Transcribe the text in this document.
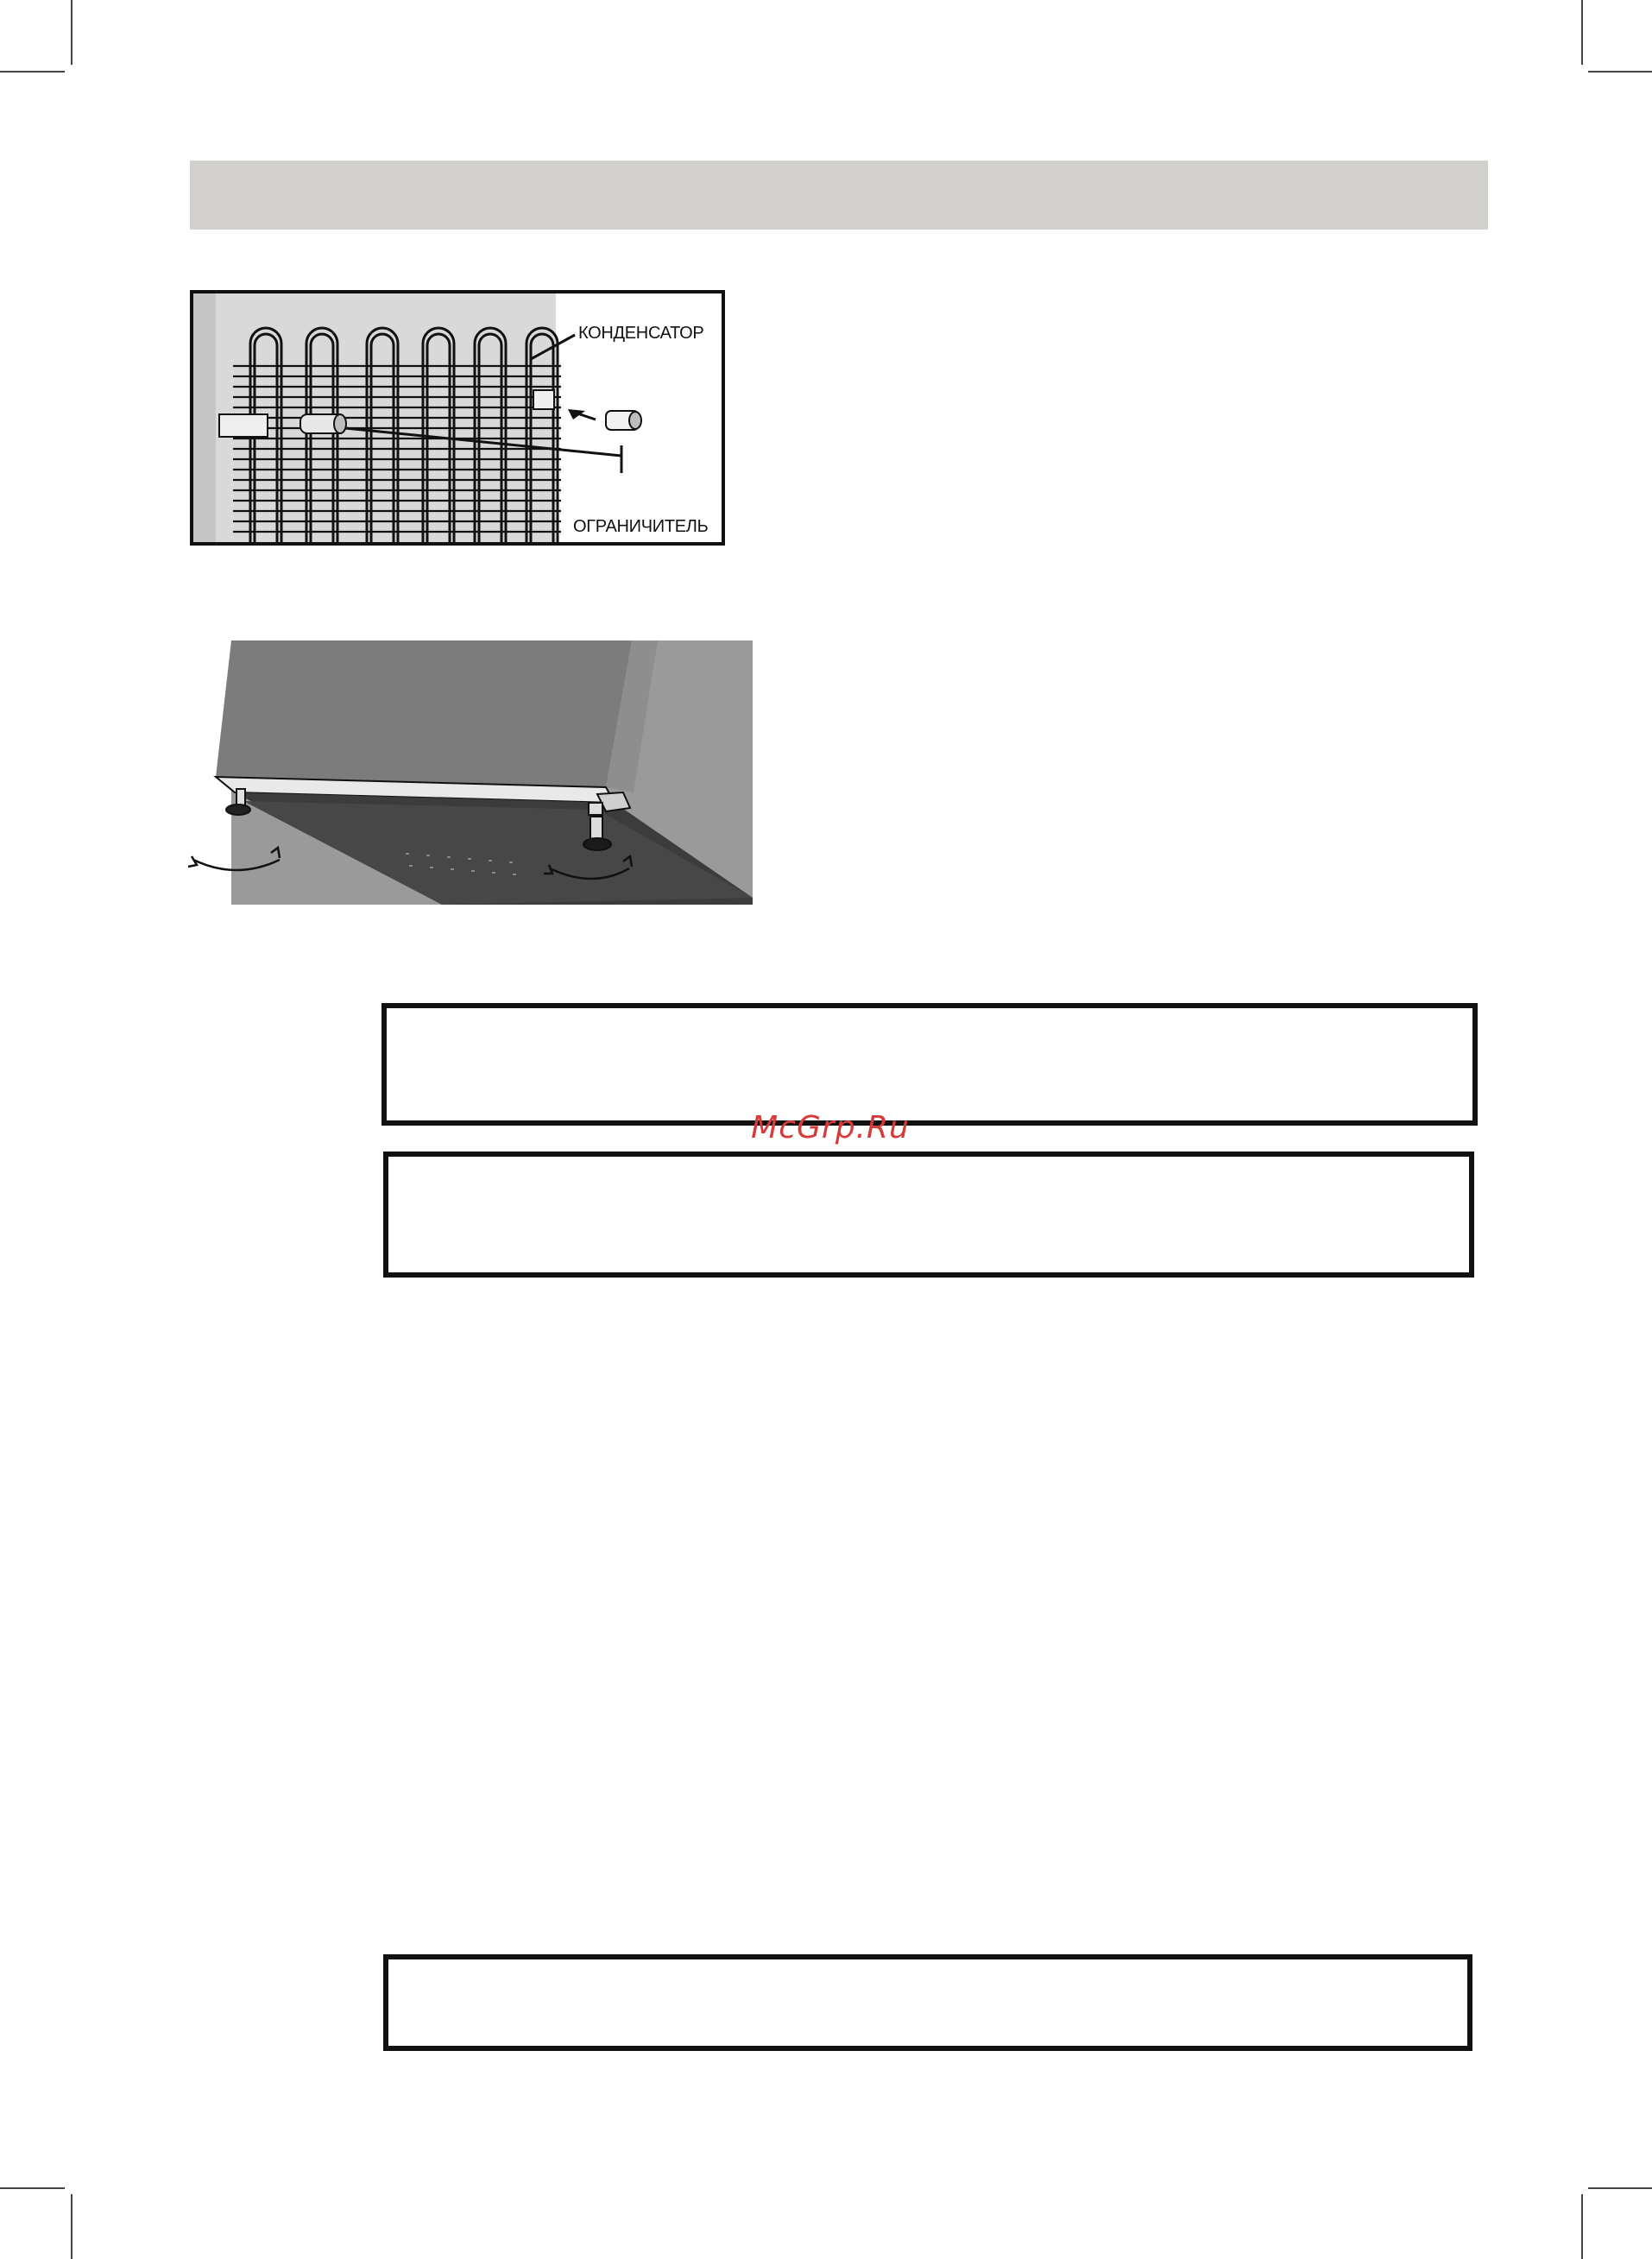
КОНДЕНСАТОР
ОГРАНИЧИТЕЛЬ
McGrp.Ru
